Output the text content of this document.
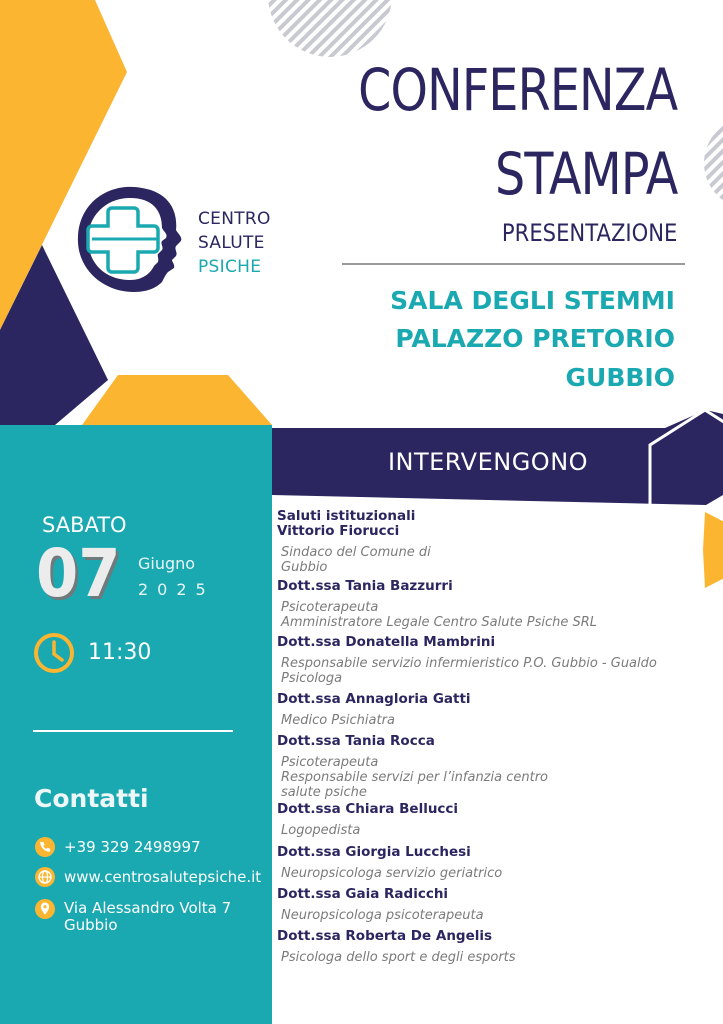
CENTRO
SALUTE
PSICHE
CONFERENZA
STAMPA
PRESENTAZIONE
SALA DEGLI STEMMI
PALAZZO PRETORIO
GUBBIO
SABATO
07 Giugno
2025
11:30
Contatti
+39 329 2498997
www.centrosalutepsiche.it
Via Alessandro Volta 7
Gubbio
INTERVENGONO
Saluti istituzionali
Vittorio Fiorucci
Sindaco del Comune di
Gubbio
Dott.ssa Tania Bazzurri
Psicoterapeuta
Amministratore Legale Centro Salute Psiche SRL
Dott.ssa Donatella Mambrini
Responsabile servizio infermieristico P.O. Gubbio - Gualdo
Psicologa
Dott.ssa Annagloria Gatti
Medico Psichiatra
Dott.ssa Tania Rocca
Psicoterapeuta
Responsabile servizi per l’infanzia centro
salute psiche
Dott.ssa Chiara Bellucci
Logopedista
Dott.ssa Giorgia Lucchesi
Neuropsicologa servizio geriatrico
Dott.ssa Gaia Radicchi
Neuropsicologa psicoterapeuta
Dott.ssa Roberta De Angelis
Psicologa dello sport e degli esports
